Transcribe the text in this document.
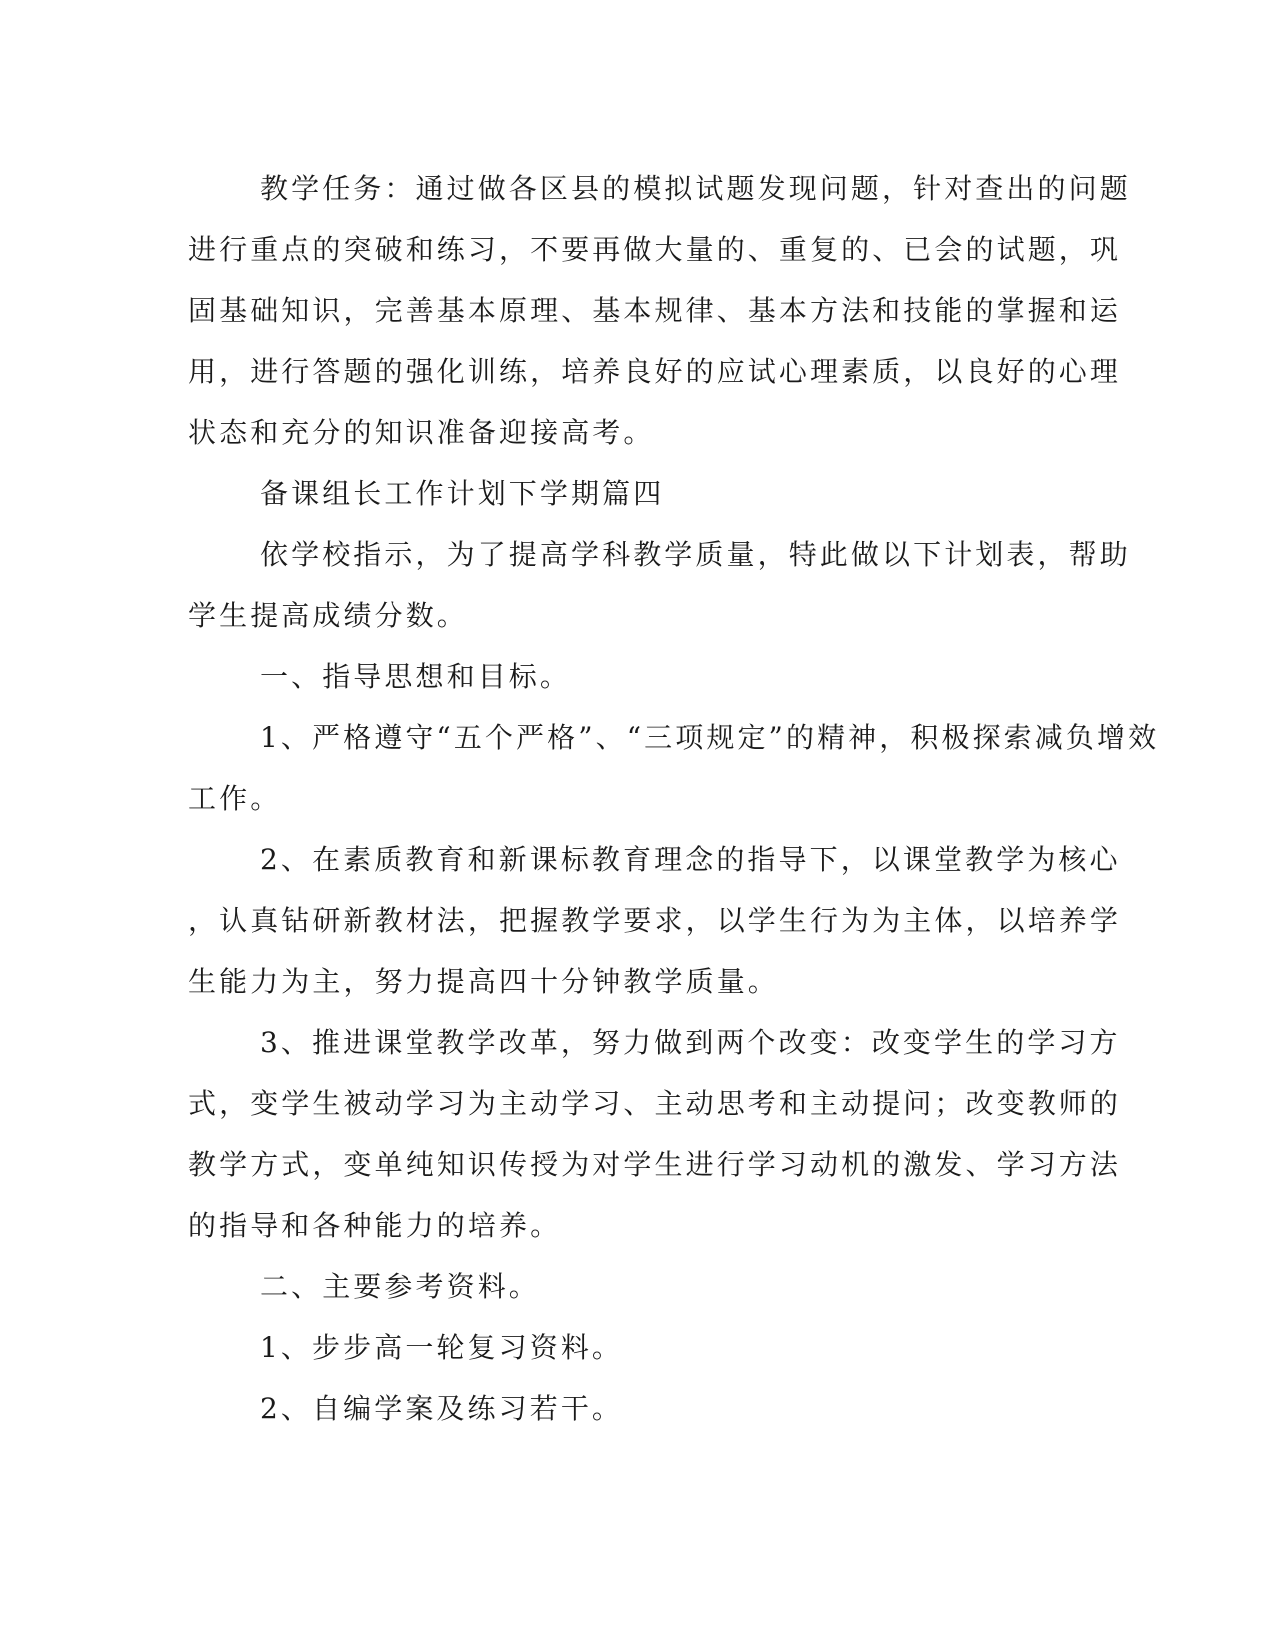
教学任务：通过做各区县的模拟试题发现问题，针对查出的问题
进行重点的突破和练习，不要再做大量的、重复的、已会的试题，巩
固基础知识，完善基本原理、基本规律、基本方法和技能的掌握和运
用，进行答题的强化训练，培养良好的应试心理素质，以良好的心理
状态和充分的知识准备迎接高考。
备课组长工作计划下学期篇四
依学校指示，为了提高学科教学质量，特此做以下计划表，帮助
学生提高成绩分数。
一、指导思想和目标。
1、严格遵守“五个严格”、“三项规定”的精神，积极探索减负增效
工作。
2、在素质教育和新课标教育理念的指导下，以课堂教学为核心
，认真钻研新教材法，把握教学要求，以学生行为为主体，以培养学
生能力为主，努力提高四十分钟教学质量。
3、推进课堂教学改革，努力做到两个改变：改变学生的学习方
式，变学生被动学习为主动学习、主动思考和主动提问；改变教师的
教学方式，变单纯知识传授为对学生进行学习动机的激发、学习方法
的指导和各种能力的培养。
二、主要参考资料。
1、步步高一轮复习资料。
2、自编学案及练习若干。
